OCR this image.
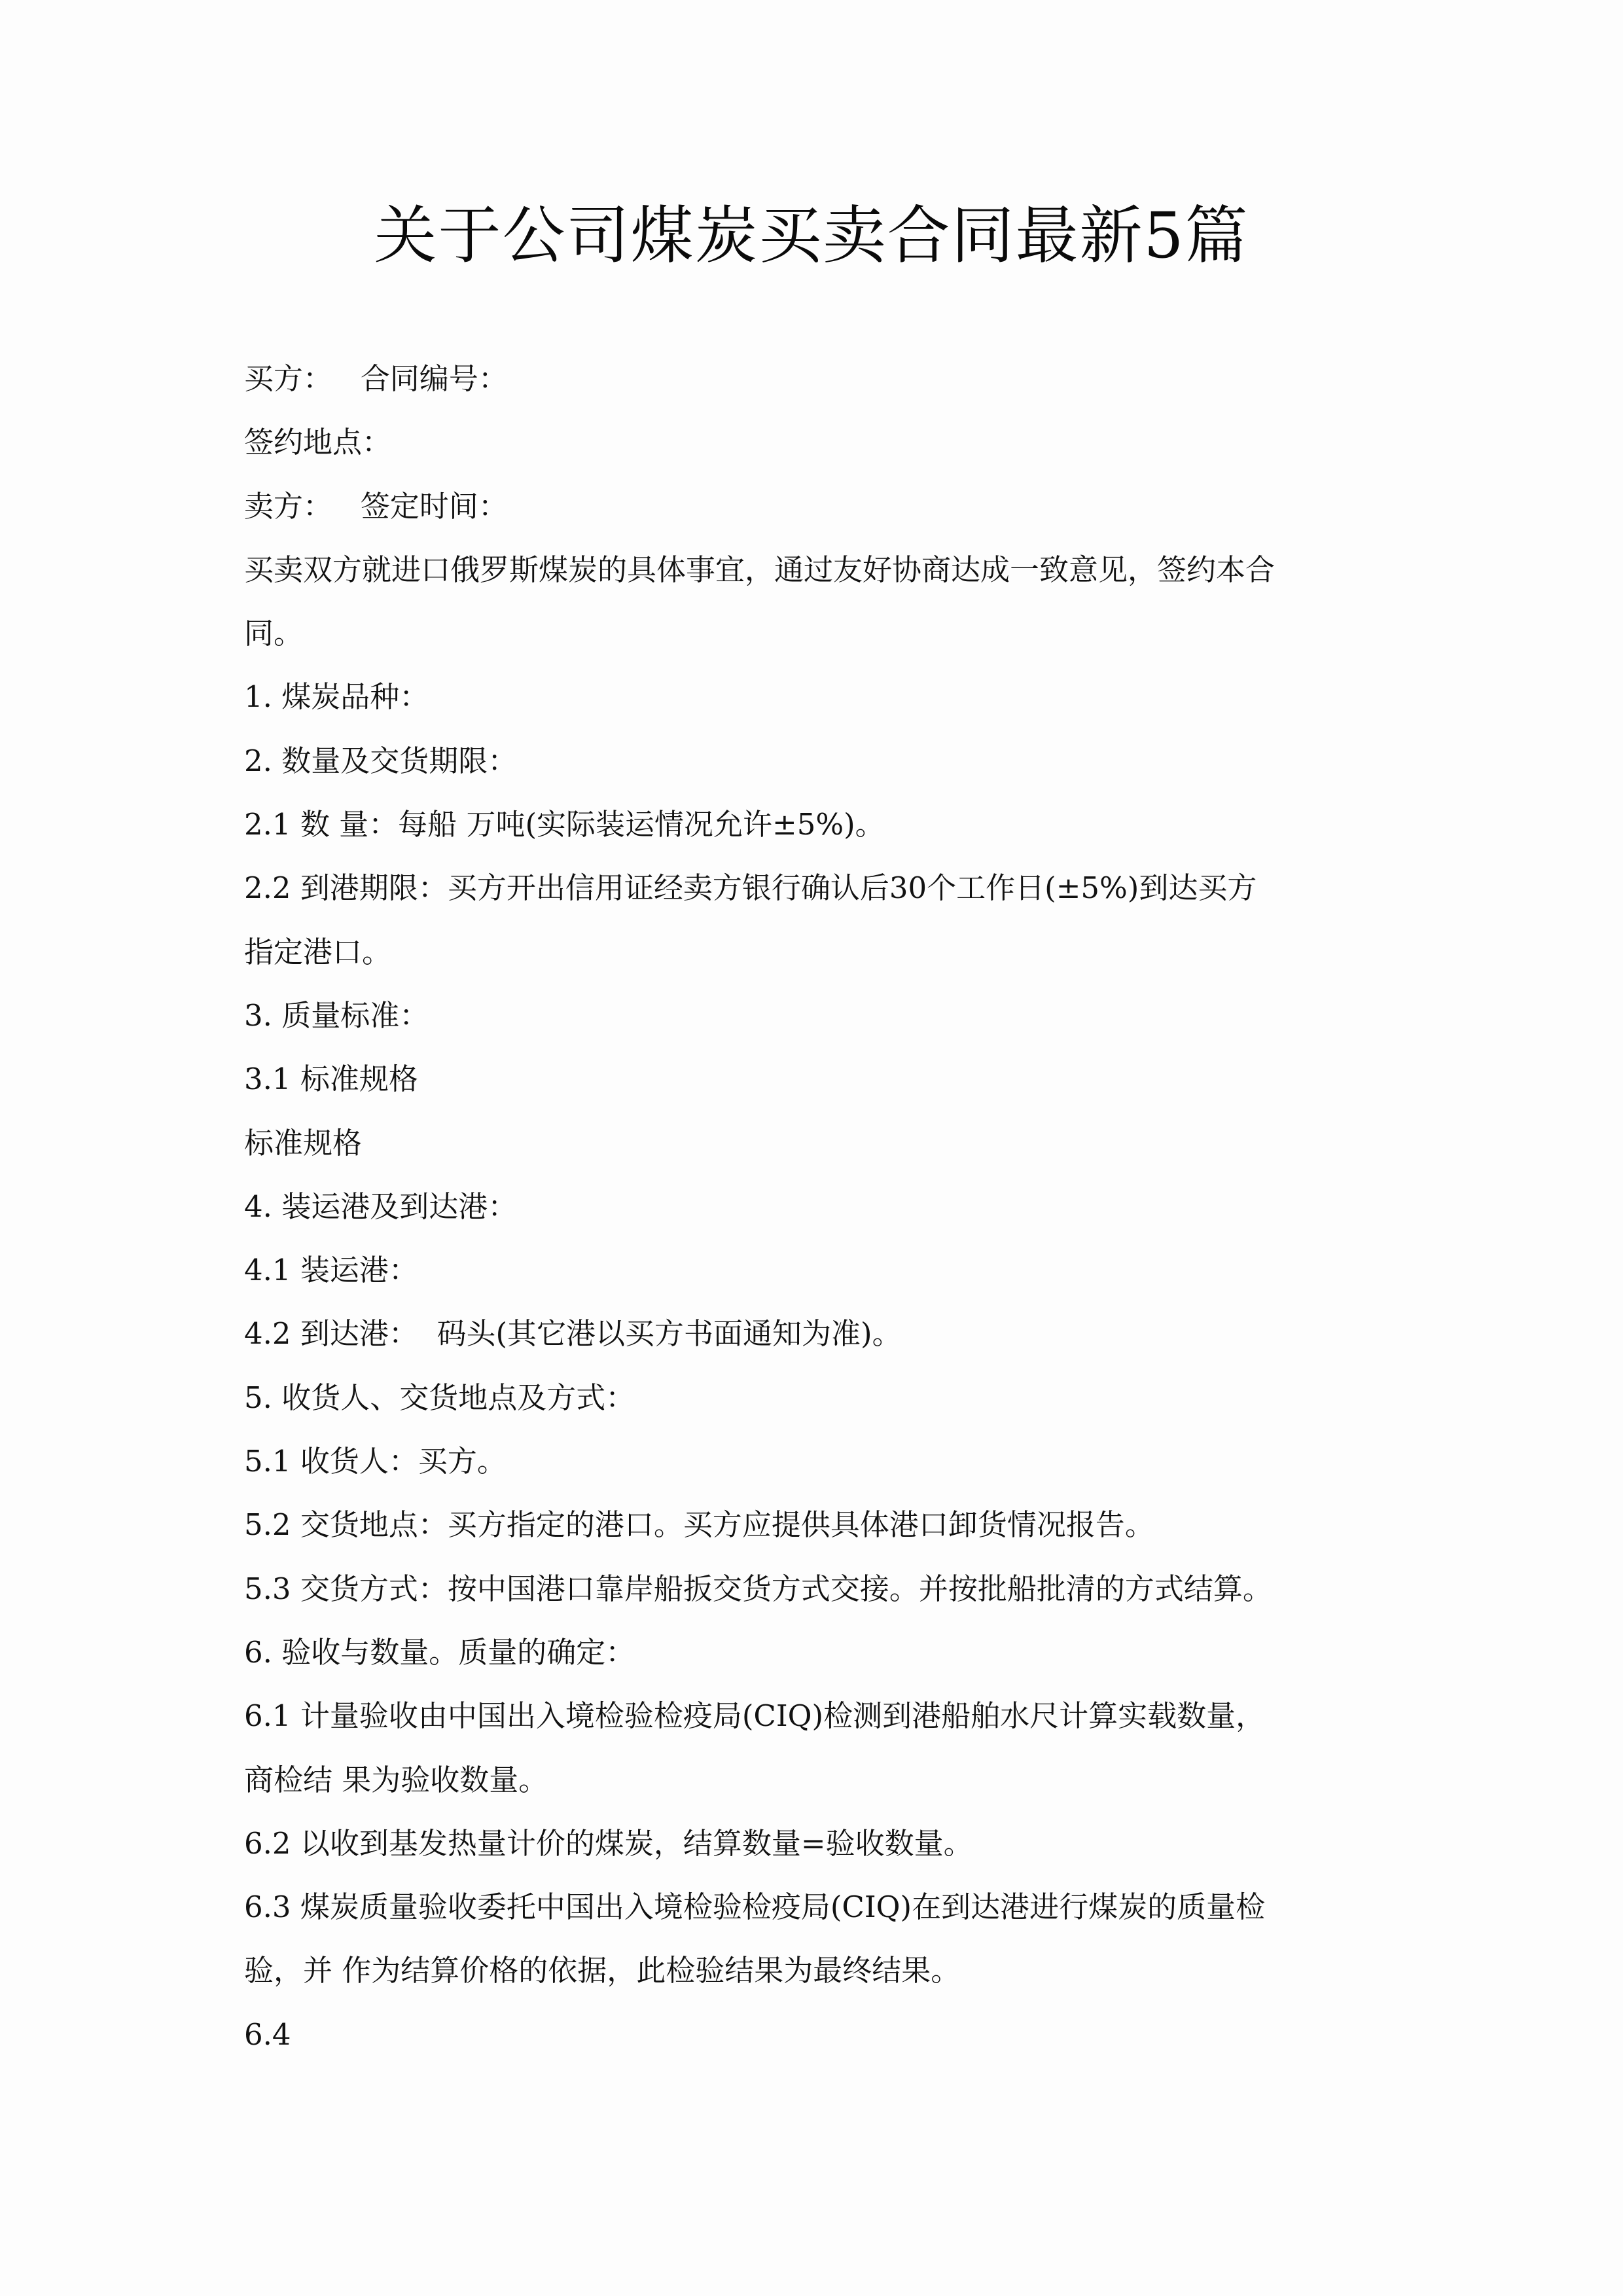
关于公司煤炭买卖合同最新5篇

买方：   合同编号：

签约地点：

卖方：   签定时间：

买卖双方就进口俄罗斯煤炭的具体事宜，通过友好协商达成一致意见，签约本合

同。

1. 煤炭品种：

2. 数量及交货期限：

2.1 数 量：每船 万吨(实际装运情况允许±5%)。

2.2 到港期限：买方开出信用证经卖方银行确认后30个工作日(±5%)到达买方

指定港口。

3. 质量标准：

3.1 标准规格

标准规格

4. 装运港及到达港：

4.1 装运港：

4.2 到达港：  码头(其它港以买方书面通知为准)。

5. 收货人、交货地点及方式：

5.1 收货人：买方。

5.2 交货地点：买方指定的港口。买方应提供具体港口卸货情况报告。

5.3 交货方式：按中国港口靠岸船扳交货方式交接。并按批船批清的方式结算。

6. 验收与数量。质量的确定：

6.1 计量验收由中国出入境检验检疫局(CIQ)检测到港船舶水尺计算实载数量，

商检结 果为验收数量。

6.2 以收到基发热量计价的煤炭，结算数量=验收数量。

6.3 煤炭质量验收委托中国出入境检验检疫局(CIQ)在到达港进行煤炭的质量检

验，并 作为结算价格的依据，此检验结果为最终结果。

6.4
